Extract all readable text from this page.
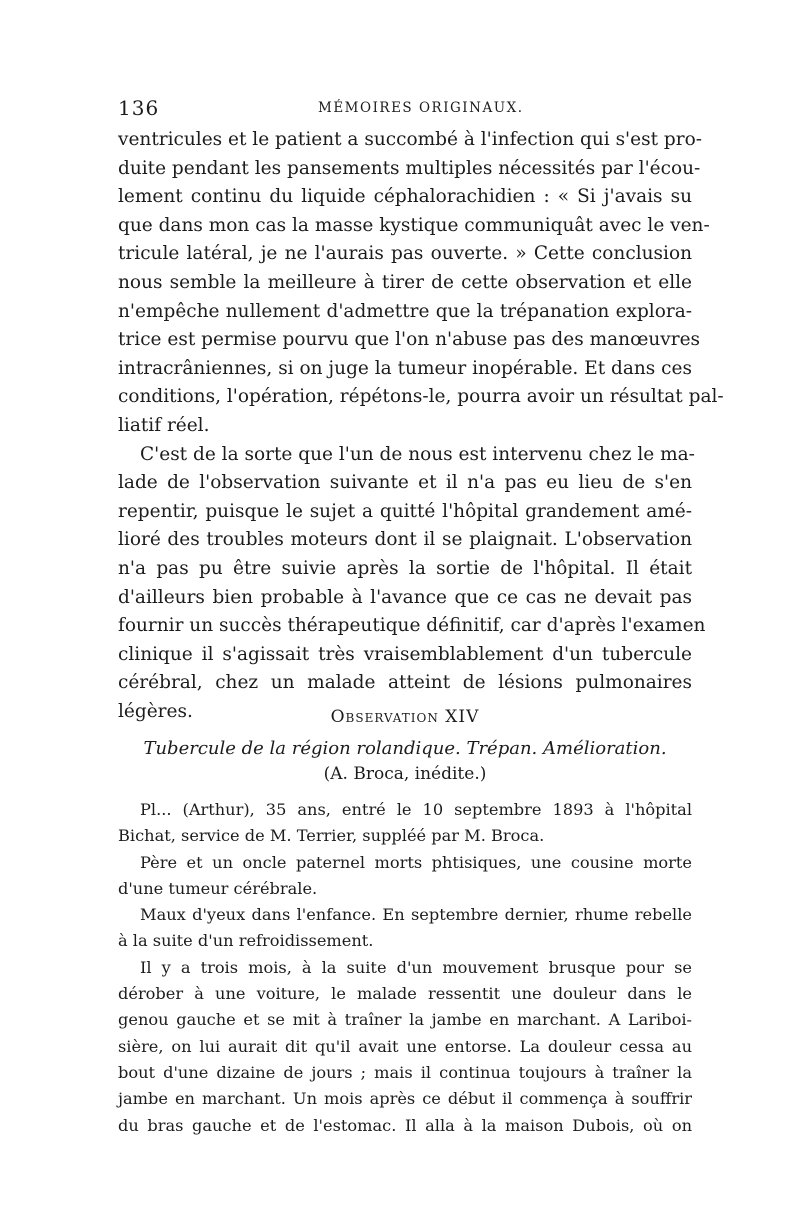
136	MÉMOIRES ORIGINAUX.
ventricules et le patient a succombé à l'infection qui s'est pro-
duite pendant les pansements multiples nécessités par l'écou-
lement continu du liquide céphalorachidien : « Si j'avais su
que dans mon cas la masse kystique communiquât avec le ven-
tricule latéral, je ne l'aurais pas ouverte. » Cette conclusion
nous semble la meilleure à tirer de cette observation et elle
n'empêche nullement d'admettre que la trépanation explora-
trice est permise pourvu que l'on n'abuse pas des manœuvres
intracrâniennes, si on juge la tumeur inopérable. Et dans ces
conditions, l'opération, répétons-le, pourra avoir un résultat pal-
liatif réel.
C'est de la sorte que l'un de nous est intervenu chez le ma-
lade de l'observation suivante et il n'a pas eu lieu de s'en
repentir, puisque le sujet a quitté l'hôpital grandement amé-
lioré des troubles moteurs dont il se plaignait. L'observation
n'a pas pu être suivie après la sortie de l'hôpital. Il était
d'ailleurs bien probable à l'avance que ce cas ne devait pas
fournir un succès thérapeutique définitif, car d'après l'examen
clinique il s'agissait très vraisemblablement d'un tubercule
cérébral, chez un malade atteint de lésions pulmonaires
légères.	Observation XIV
Tubercule de la région rolandique. Trépan. Amélioration.
(A. Broca, inédite.)
Pl... (Arthur), 35 ans, entré le 10 septembre 1893 à l'hôpital
Bichat, service de M. Terrier, suppléé par M. Broca.
Père et un oncle paternel morts phtisiques, une cousine morte
d'une tumeur cérébrale.
Maux d'yeux dans l'enfance. En septembre dernier, rhume rebelle
à la suite d'un refroidissement.
Il y a trois mois, à la suite d'un mouvement brusque pour se
dérober à une voiture, le malade ressentit une douleur dans le
genou gauche et se mit à traîner la jambe en marchant. A Lariboi-
sière, on lui aurait dit qu'il avait une entorse. La douleur cessa au
bout d'une dizaine de jours ; mais il continua toujours à traîner la
jambe en marchant. Un mois après ce début il commença à souffrir
du bras gauche et de l'estomac. Il alla à la maison Dubois, où on
